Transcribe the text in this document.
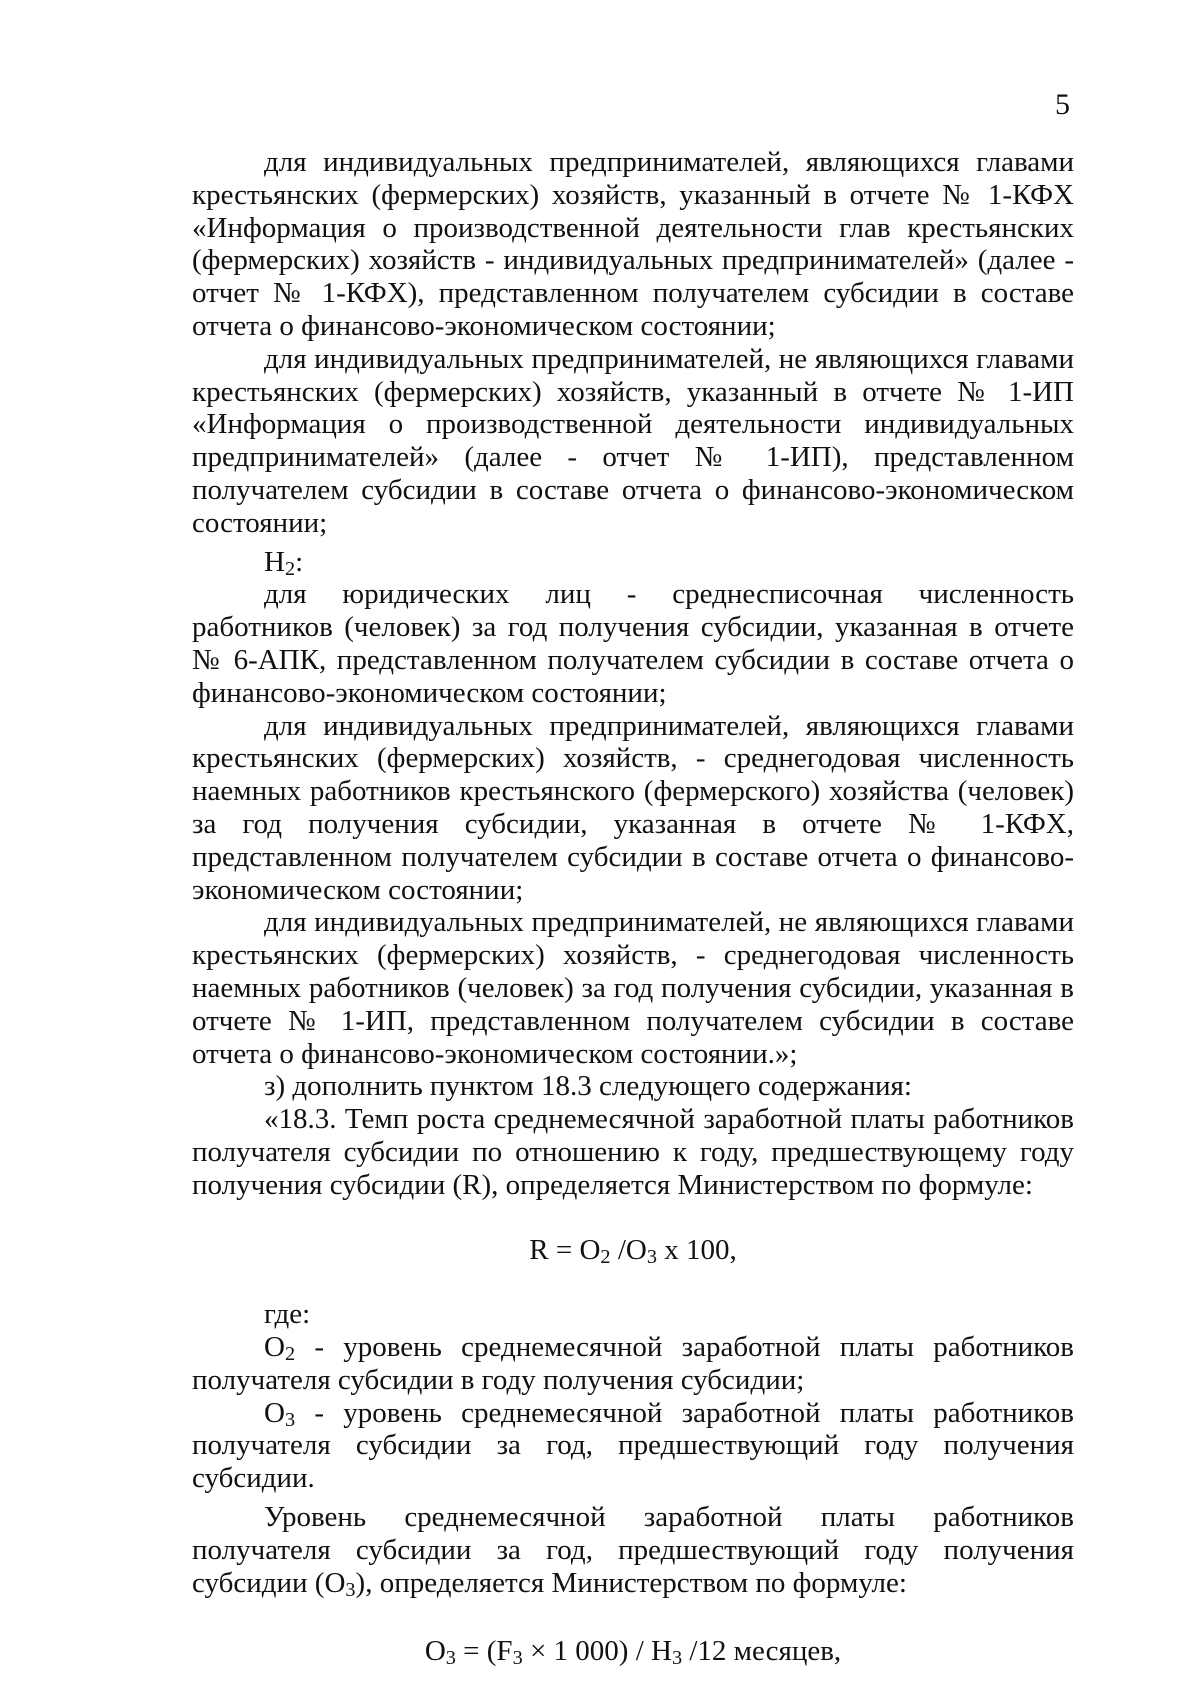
5

для индивидуальных предпринимателей, являющихся главами крестьянских (фермерских) хозяйств, указанный в отчете № 1-КФХ «Информация о производственной деятельности глав крестьянских (фермерских) хозяйств - индивидуальных предпринимателей» (далее - отчет № 1-КФХ), представленном получателем субсидии в составе отчета о финансово-экономическом состоянии;

для индивидуальных предпринимателей, не являющихся главами крестьянских (фермерских) хозяйств, указанный в отчете № 1-ИП «Информация о производственной деятельности индивидуальных предпринимателей» (далее - отчет № 1-ИП), представленном получателем субсидии в составе отчета о финансово-экономическом состоянии;

$Н_2$:

для юридических лиц - среднесписочная численность работников (человек) за год получения субсидии, указанная в отчете № 6-АПК, представленном получателем субсидии в составе отчета о финансово-экономическом состоянии;

для индивидуальных предпринимателей, являющихся главами крестьянских (фермерских) хозяйств, - среднегодовая численность наемных работников крестьянского (фермерского) хозяйства (человек) за год получения субсидии, указанная в отчете № 1-КФХ, представленном получателем субсидии в составе отчета о финансово-экономическом состоянии;

для индивидуальных предпринимателей, не являющихся главами крестьянских (фермерских) хозяйств, - среднегодовая численность наемных работников (человек) за год получения субсидии, указанная в отчете № 1-ИП, представленном получателем субсидии в составе отчета о финансово-экономическом состоянии.»;

з) дополнить пунктом 18.3 следующего содержания:

«18.3. Темп роста среднемесячной заработной платы работников получателя субсидии по отношению к году, предшествующему году получения субсидии (R), определяется Министерством по формуле:

$R = О_2$ $/О_3$ х 100,

где:

$О_2$ - уровень среднемесячной заработной платы работников получателя субсидии в году получения субсидии;

$О_3$ - уровень среднемесячной заработной платы работников получателя субсидии за год, предшествующий году получения субсидии.

Уровень среднемесячной заработной платы работников получателя субсидии за год, предшествующий году получения субсидии $(О_3)$, определяется Министерством по формуле:

$О_3 = (F_3 \times 1$ $000) / Н_3$ /12 месяцев,
